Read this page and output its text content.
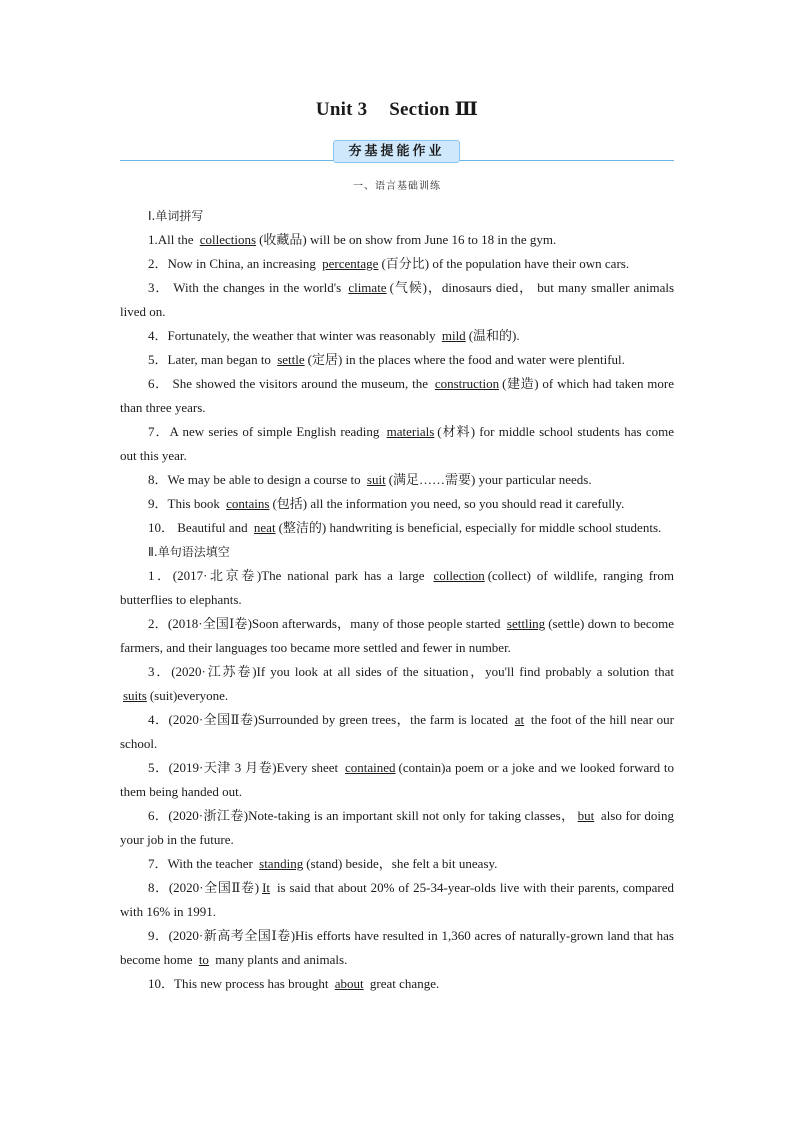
Unit 3 Section Ⅲ
夯基提能作业
一、语言基础训练

Ⅰ.单词拼写

1.All the collections (收藏品) will be on show from June 16 to 18 in the gym.

2．Now in China, an increasing percentage (百分比) of the population have their own cars.

3． With the changes in the world's climate (气候)，dinosaurs died， but many smaller animals lived on.

4．Fortunately, the weather that winter was reasonably mild (温和的).

5．Later, man began to settle (定居) in the places where the food and water were plentiful.

6． She showed the visitors around the museum, the construction (建造) of which had taken more than three years.

7．A new series of simple English reading materials (材料) for middle school students has come out this year.

8．We may be able to design a course to suit (满足……需要) your particular needs.

9．This book contains (包括) all the information you need, so you should read it carefully.

10． Beautiful and neat (整洁的) handwriting is beneficial, especially for middle school students.

Ⅱ.单句语法填空

1．(2017·北京卷)The national park has a large collection (collect) of wildlife, ranging from butterflies to elephants.

2．(2018·全国Ⅰ卷)Soon afterwards，many of those people started settling (settle) down to become farmers, and their languages too became more settled and fewer in number.

3．(2020·江苏卷)If you look at all sides of the situation，you'll find probably a solution that suits (suit)everyone.

4．(2020·全国Ⅱ卷)Surrounded by green trees，the farm is located at the foot of the hill near our school.

5．(2019·天津 3 月卷)Every sheet contained (contain)a poem or a joke and we looked forward to them being handed out.

6．(2020·浙江卷)Note-taking is an important skill not only for taking classes， but also for doing your job in the future.

7．With the teacher standing (stand) beside，she felt a bit uneasy.

8．(2020·全国Ⅱ卷) It is said that about 20% of 25-34-year-olds live with their parents, compared with 16% in 1991.

9．(2020·新高考全国Ⅰ卷)His efforts have resulted in 1,360 acres of naturally-grown land that has become home to many plants and animals.

10．This new process has brought about great change.
